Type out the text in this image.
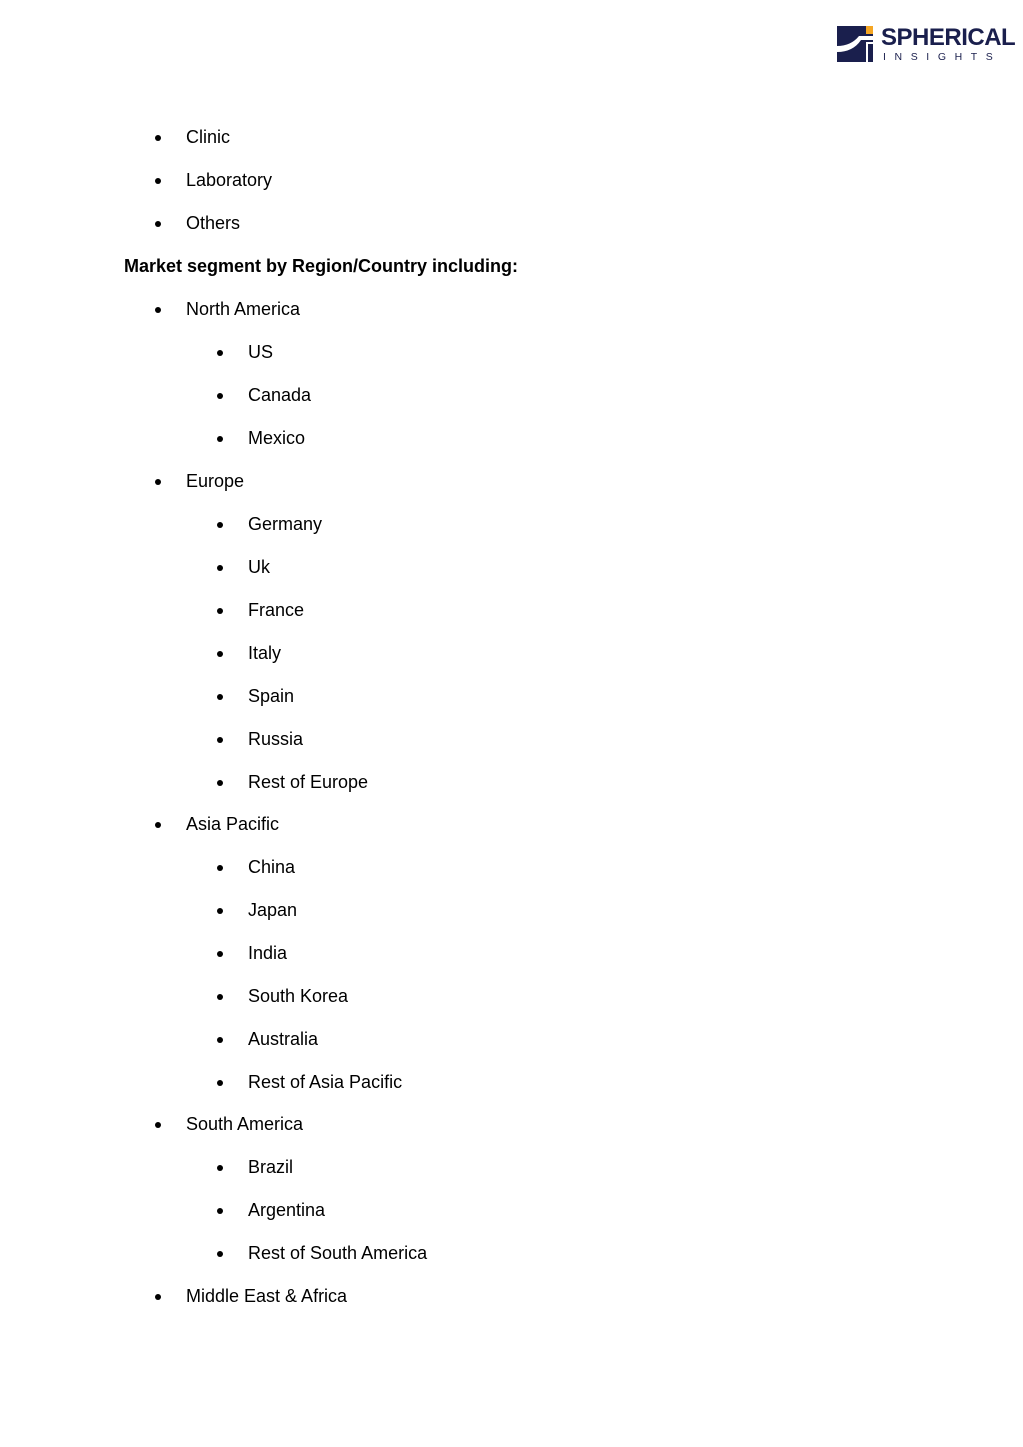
SPHERICAL
INSIGHTS
Clinic
Laboratory
Others
Market segment by Region/Country including:
North America
US
Canada
Mexico
Europe
Germany
Uk
France
Italy
Spain
Russia
Rest of Europe
Asia Pacific
China
Japan
India
South Korea
Australia
Rest of Asia Pacific
South America
Brazil
Argentina
Rest of South America
Middle East & Africa
